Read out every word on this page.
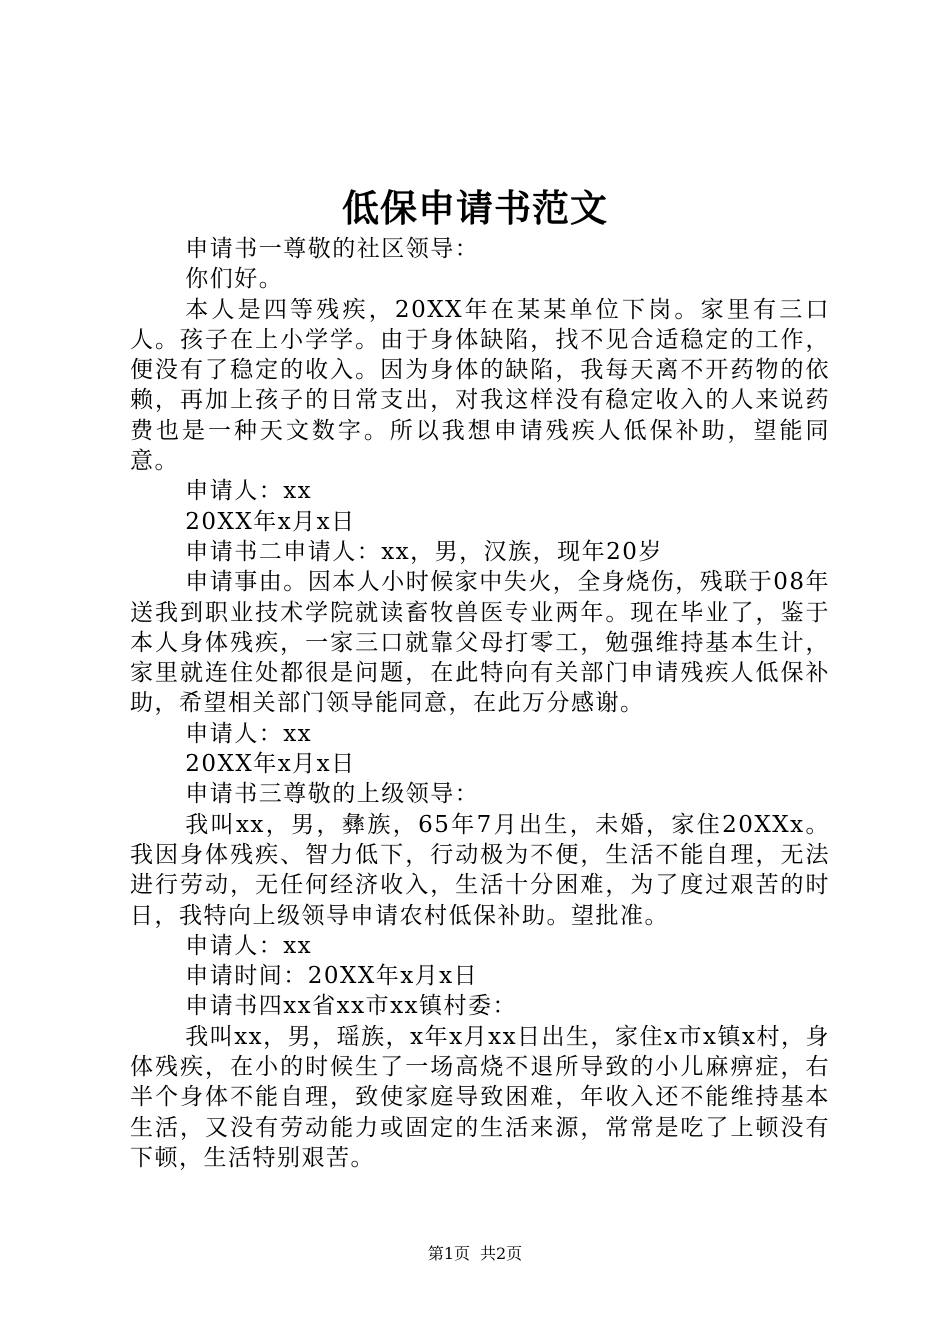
低保申请书范文

申请书一尊敬的社区领导：

你们好。

本人是四等残疾，20XX年在某某单位下岗。家里有三口人。孩子在上小学学。由于身体缺陷，找不见合适稳定的工作，便没有了稳定的收入。因为身体的缺陷，我每天离不开药物的依赖，再加上孩子的日常支出，对我这样没有稳定收入的人来说药费也是一种天文数字。所以我想申请残疾人低保补助，望能同意。

申请人：xx

20XX年x月x日

申请书二申请人：xx，男，汉族，现年20岁

申请事由。因本人小时候家中失火，全身烧伤，残联于08年送我到职业技术学院就读畜牧兽医专业两年。现在毕业了，鉴于本人身体残疾，一家三口就靠父母打零工，勉强维持基本生计，家里就连住处都很是问题，在此特向有关部门申请残疾人低保补助，希望相关部门领导能同意，在此万分感谢。

申请人：xx

20XX年x月x日

申请书三尊敬的上级领导：

我叫xx，男，彝族，65年7月出生，未婚，家住20XXx。我因身体残疾、智力低下，行动极为不便，生活不能自理，无法进行劳动，无任何经济收入，生活十分困难，为了度过艰苦的时日，我特向上级领导申请农村低保补助。望批准。

申请人：xx

申请时间：20XX年x月x日

申请书四xx省xx市xx镇村委：

我叫xx，男，瑶族，x年x月xx日出生，家住x市x镇x村，身体残疾，在小的时候生了一场高烧不退所导致的小儿麻痹症，右半个身体不能自理，致使家庭导致困难，年收入还不能维持基本生活，又没有劳动能力或固定的生活来源，常常是吃了上顿没有下顿，生活特别艰苦。

第1页 共2页
